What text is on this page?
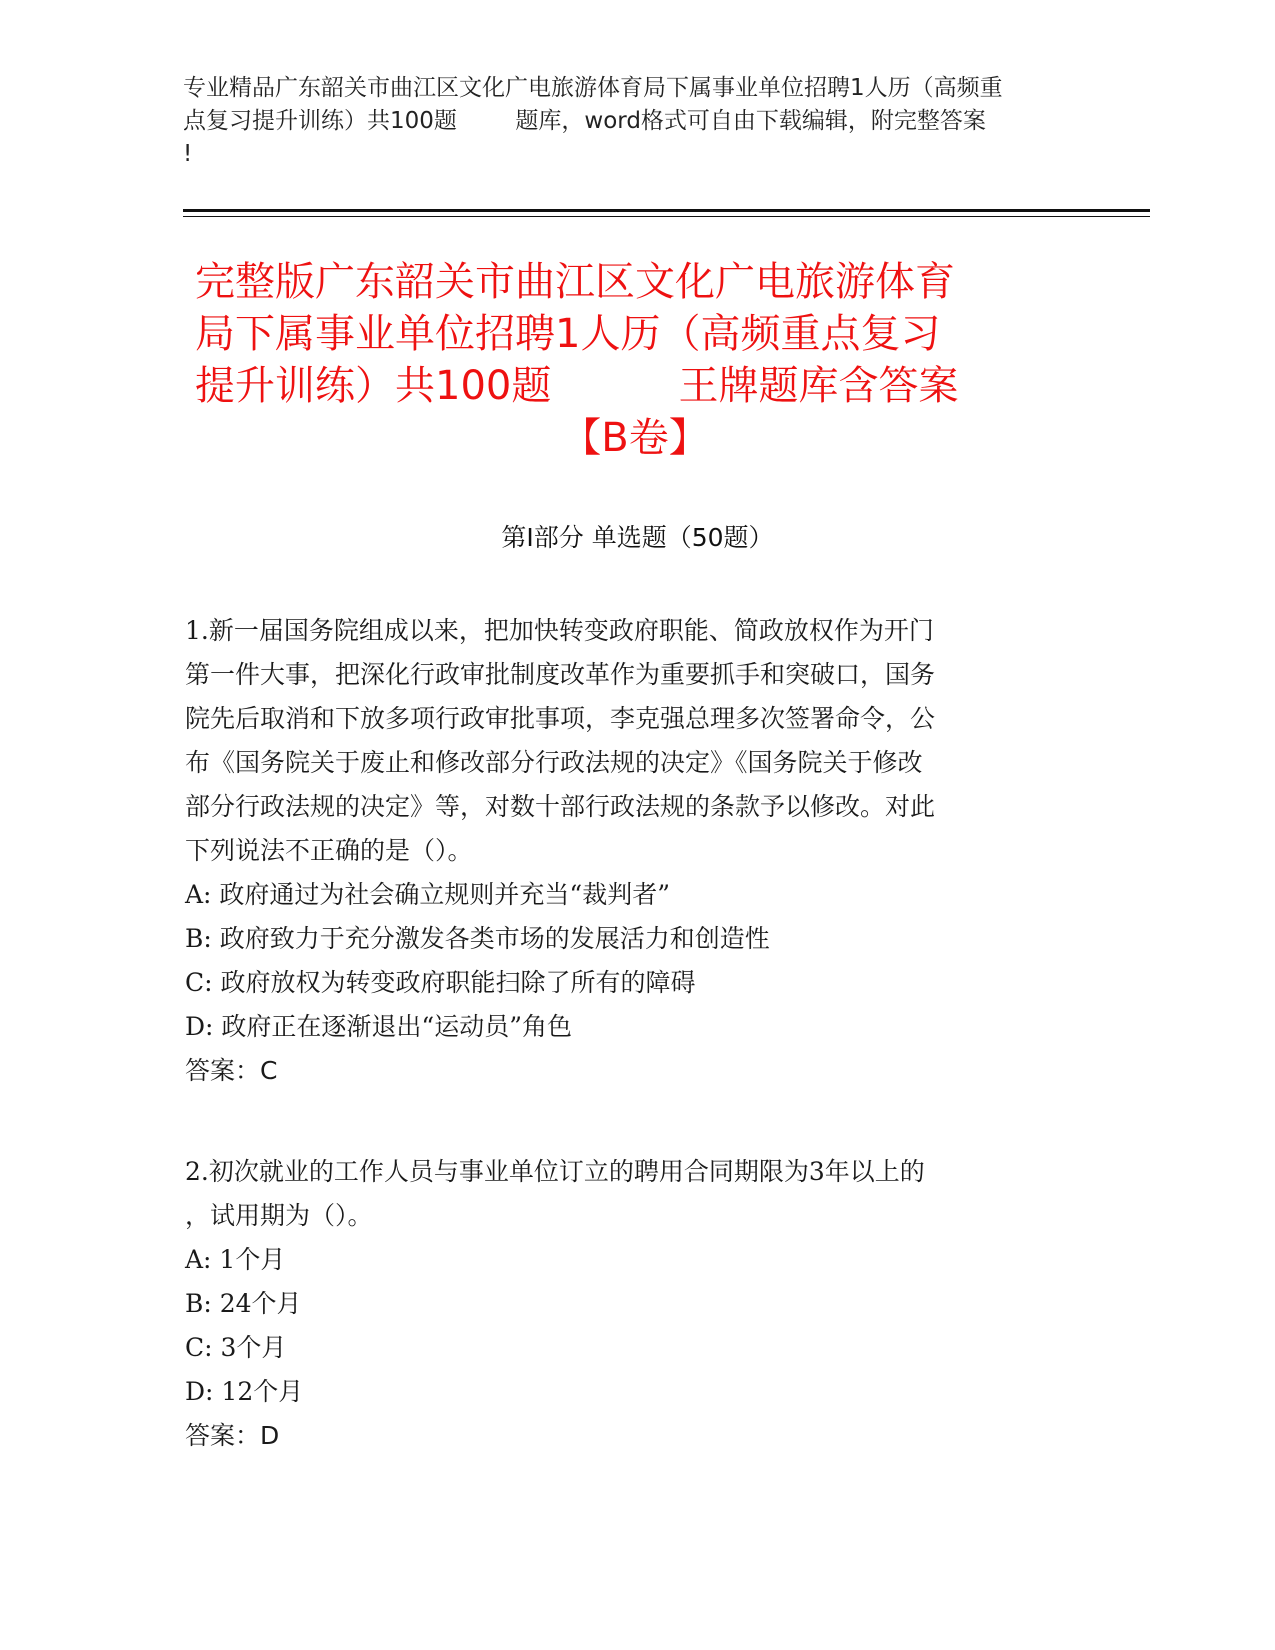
专业精品广东韶关市曲江区文化广电旅游体育局下属事业单位招聘1人历（高频重
点复习提升训练）共100题        题库，word格式可自由下载编辑，附完整答案
!
完整版广东韶关市曲江区文化广电旅游体育
局下属事业单位招聘1人历（高频重点复习
提升训练）共100题          王牌题库含答案

【B卷】
第I部分 单选题（50题）
1.新一届国务院组成以来，把加快转变政府职能、简政放权作为开门
第一件大事，把深化行政审批制度改革作为重要抓手和突破口，国务
院先后取消和下放多项行政审批事项，李克强总理多次签署命令，公
布《国务院关于废止和修改部分行政法规的决定》《国务院关于修改
部分行政法规的决定》等，对数十部行政法规的条款予以修改。对此
下列说法不正确的是（）。
A: 政府通过为社会确立规则并充当“裁判者”
B: 政府致力于充分激发各类市场的发展活力和创造性
C: 政府放权为转变政府职能扫除了所有的障碍
D: 政府正在逐渐退出“运动员”角色

答案：C
2.初次就业的工作人员与事业单位订立的聘用合同期限为3年以上的
，试用期为（）。
A: 1个月
B: 24个月
C: 3个月
D: 12个月

答案：D
